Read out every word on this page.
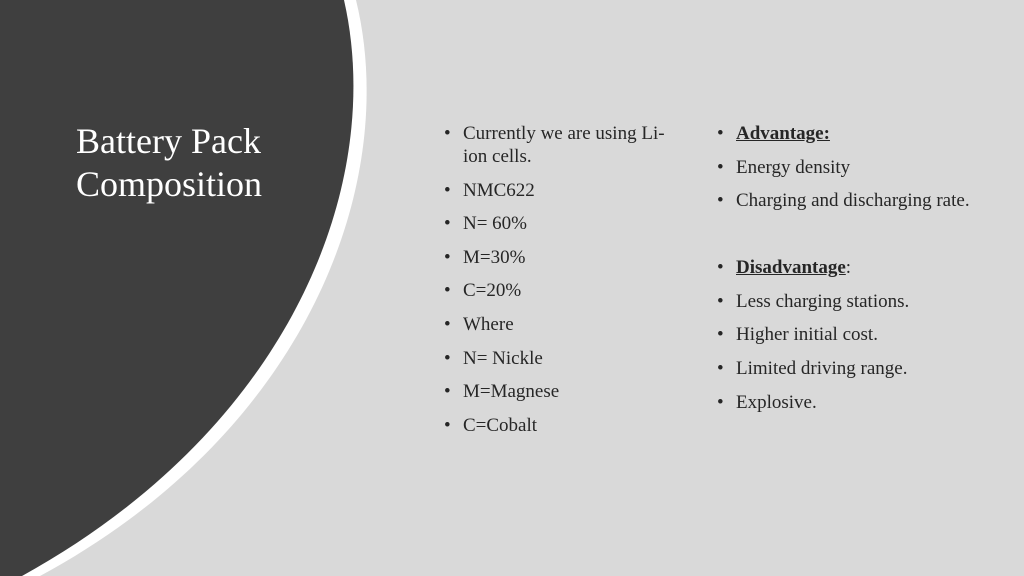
Battery Pack
Composition
• Currently we are using Li-ion cells.
• NMC622
• N= 60%
• M=30%
• C=20%
• Where
• N= Nickle
• M=Magnese
• C=Cobalt
• Advantage:
• Energy density
• Charging and discharging rate.
• Disadvantage:
• Less charging stations.
• Higher initial cost.
• Limited driving range.
• Explosive.
